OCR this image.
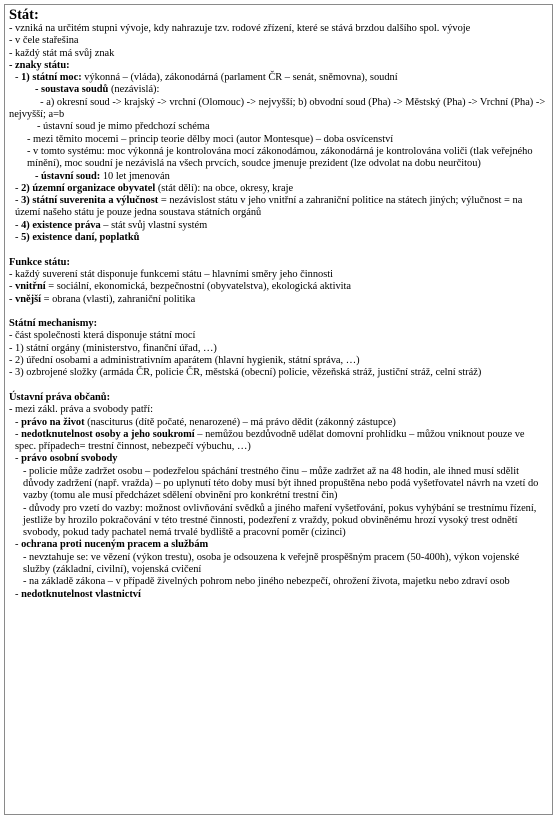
Stát:
- vzniká na určitém stupni vývoje, kdy nahrazuje tzv. rodové zřízení, které se stává brzdou dalšího spol. vývoje
- v čele stařešina
- každý stát má svůj znak
- znaky státu:
- 1) státní moc: výkonná – (vláda), zákonodárná (parlament ČR – senát, sněmovna), soudní
- soustava soudů (nezávislá):
- a) okresní soud -> krajský -> vrchní (Olomouc) -> nejvyšší; b) obvodní soud (Pha) -> Městský (Pha) -> Vrchní (Pha) -> nejvyšší; a=b
- ústavní soud je mimo předchozí schéma
- mezi těmito mocemi – princip teorie dělby moci (autor Montesque) – doba osvícenství
- v tomto systému: moc výkonná je kontrolována mocí zákonodámou, zákonodárná je kontrolována voliči (tlak veřejného mínění), moc soudní je nezávislá na všech prvcích, soudce jmenuje prezident (lze odvolat na dobu neurčitou)
- ústavní soud: 10 let jmenován
- 2) územní organizace obyvatel (stát dělí): na obce, okresy, kraje
- 3) státní suverenita a výlučnost = nezávislost státu v jeho vnitřní a zahraniční politice na státech jiných; výlučnost = na území našeho státu je pouze jedna soustava státních orgánů
- 4) existence práva – stát svůj vlastní systém
- 5) existence daní, poplatků
Funkce státu:
- každý suverení stát disponuje funkcemi státu – hlavními směry jeho činnosti
- vnitřní = sociální, ekonomická, bezpečnostní (obyvatelstva), ekologická aktivita
- vnější = obrana (vlasti), zahraniční politika
Státní mechanismy:
- část společnosti která disponuje státní mocí
- 1) státní orgány (ministerstvo, finanční úřad, …)
- 2) úřední osobami a administrativním aparátem (hlavní hygienik, státní správa, …)
- 3) ozbrojené složky (armáda ČR, policie ČR, městská (obecní) policie, vězeňská stráž, justiční stráž, celní stráž)
Ústavní práva občanů:
- mezi zákl. práva a svobody patří:
- právo na život (nasciturus (dítě počaté, nenarozené) – má právo dědit (zákonný zástupce)
- nedotknutelnost osoby a jeho soukromí – nemůžou bezdůvodně udělat domovní prohlídku – můžou vniknout pouze ve spec. případech= trestní činnost, nebezpečí výbuchu, …)
- právo osobní svobody
- policie může zadržet osobu – podezřelou spáchání trestného činu – může zadržet až na 48 hodin, ale ihned musí sdělit důvody zadržení (např. vražda) – po uplynutí této doby musí být ihned propuštěna nebo podá vyšetřovatel návrh na vzetí do vazby (tomu ale musí předcházet sdělení obvinění pro konkrétní trestní čin)
- důvody pro vzetí do vazby: možnost ovlivňování svědků a jiného maření vyšetřování, pokus vyhýbání se trestnímu řízení, jestliže by hrozilo pokračování v této trestné činnosti, podezření z vraždy, pokud obviněnému hrozí vysoký trest odnětí svobody, pokud tady pachatel nemá trvalé bydliště a pracovní poměr (cizinci)
- ochrana proti nuceným pracem a službám
- nevztahuje se: ve vězení (výkon trestu), osoba je odsouzena k veřejně prospěšným pracem (50-400h), výkon vojenské služby (základní, civilní), vojenská cvičení
- na základě zákona – v případě živelných pohrom nebo jiného nebezpečí, ohrožení života, majetku nebo zdraví osob
- nedotknutelnost vlastnictví
